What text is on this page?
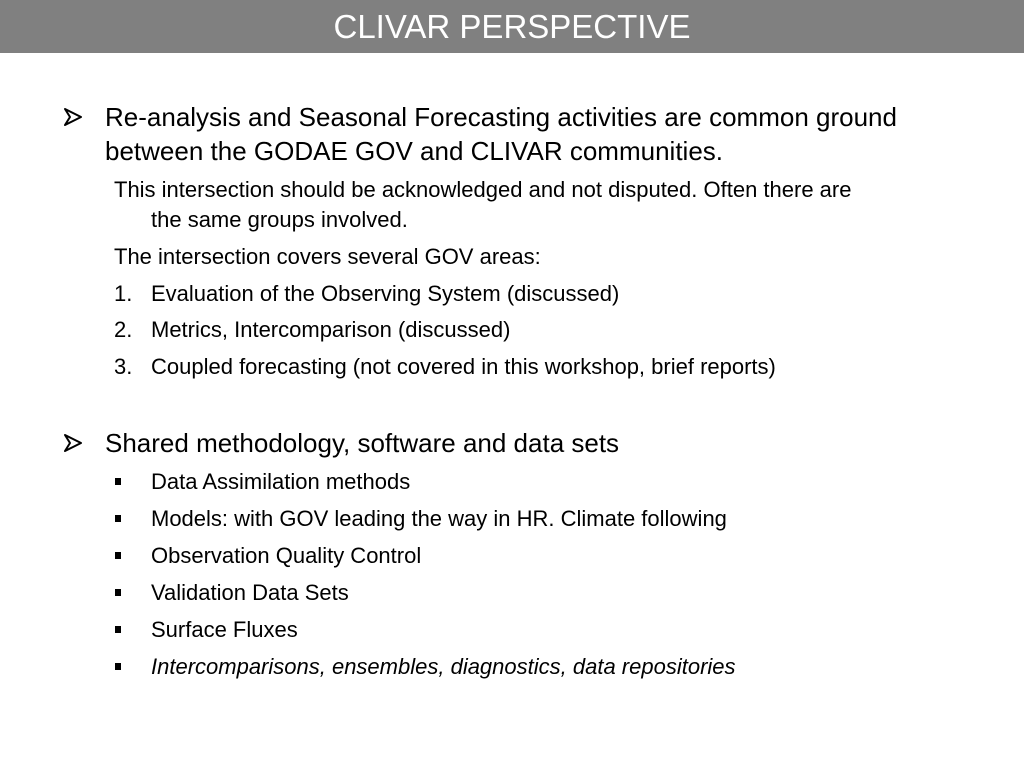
CLIVAR PERSPECTIVE
Re-analysis and Seasonal Forecasting activities are common ground
between the GODAE GOV and CLIVAR communities.
This intersection should be acknowledged and not disputed. Often there are
the same groups involved.
The intersection covers several GOV areas:
1. Evaluation of the Observing System (discussed)
2. Metrics, Intercomparison (discussed)
3. Coupled forecasting (not covered in this workshop, brief reports)
Shared methodology, software and data sets
Data Assimilation methods
Models: with GOV leading the way in HR. Climate following
Observation Quality Control
Validation Data Sets
Surface Fluxes
Intercomparisons, ensembles, diagnostics, data repositories
